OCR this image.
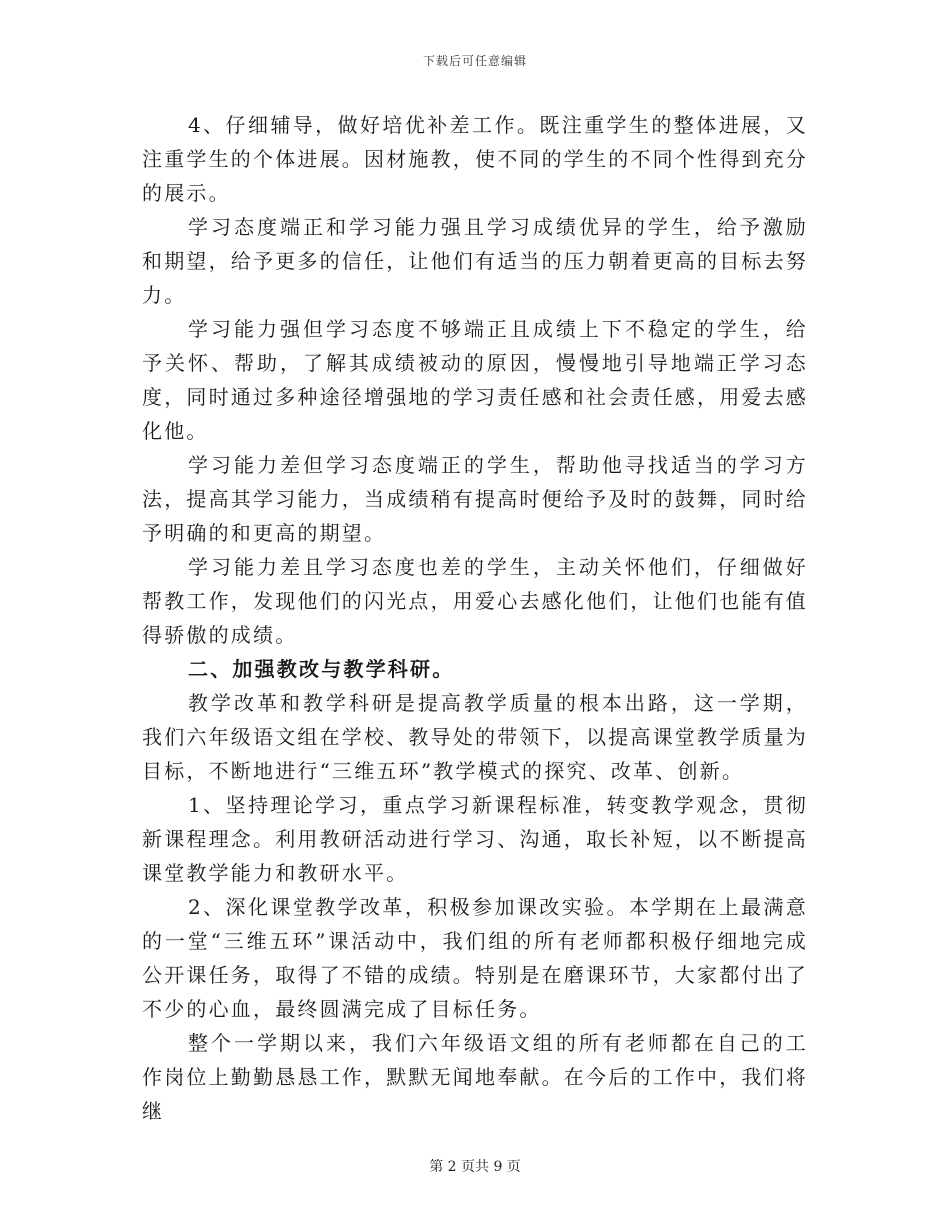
下载后可任意编辑

4、仔细辅导，做好培优补差工作。既注重学生的整体进展，又注重学生的个体进展。因材施教，使不同的学生的不同个性得到充分的展示。

学习态度端正和学习能力强且学习成绩优异的学生，给予激励和期望，给予更多的信任，让他们有适当的压力朝着更高的目标去努力。

学习能力强但学习态度不够端正且成绩上下不稳定的学生，给予关怀、帮助，了解其成绩被动的原因，慢慢地引导地端正学习态度，同时通过多种途径增强地的学习责任感和社会责任感，用爱去感化他。

学习能力差但学习态度端正的学生，帮助他寻找适当的学习方法，提高其学习能力，当成绩稍有提高时便给予及时的鼓舞，同时给予明确的和更高的期望。

学习能力差且学习态度也差的学生，主动关怀他们，仔细做好帮教工作，发现他们的闪光点，用爱心去感化他们，让他们也能有值得骄傲的成绩。

二、加强教改与教学科研。

教学改革和教学科研是提高教学质量的根本出路，这一学期，我们六年级语文组在学校、教导处的带领下，以提高课堂教学质量为目标，不断地进行“三维五环”教学模式的探究、改革、创新。

1、坚持理论学习，重点学习新课程标准，转变教学观念，贯彻新课程理念。利用教研活动进行学习、沟通，取长补短，以不断提高课堂教学能力和教研水平。

2、深化课堂教学改革，积极参加课改实验。本学期在上最满意的一堂“三维五环”课活动中，我们组的所有老师都积极仔细地完成公开课任务，取得了不错的成绩。特别是在磨课环节，大家都付出了不少的心血，最终圆满完成了目标任务。

整个一学期以来，我们六年级语文组的所有老师都在自己的工作岗位上勤勤恳恳工作，默默无闻地奉献。在今后的工作中，我们将继

第 2 页共 9 页
